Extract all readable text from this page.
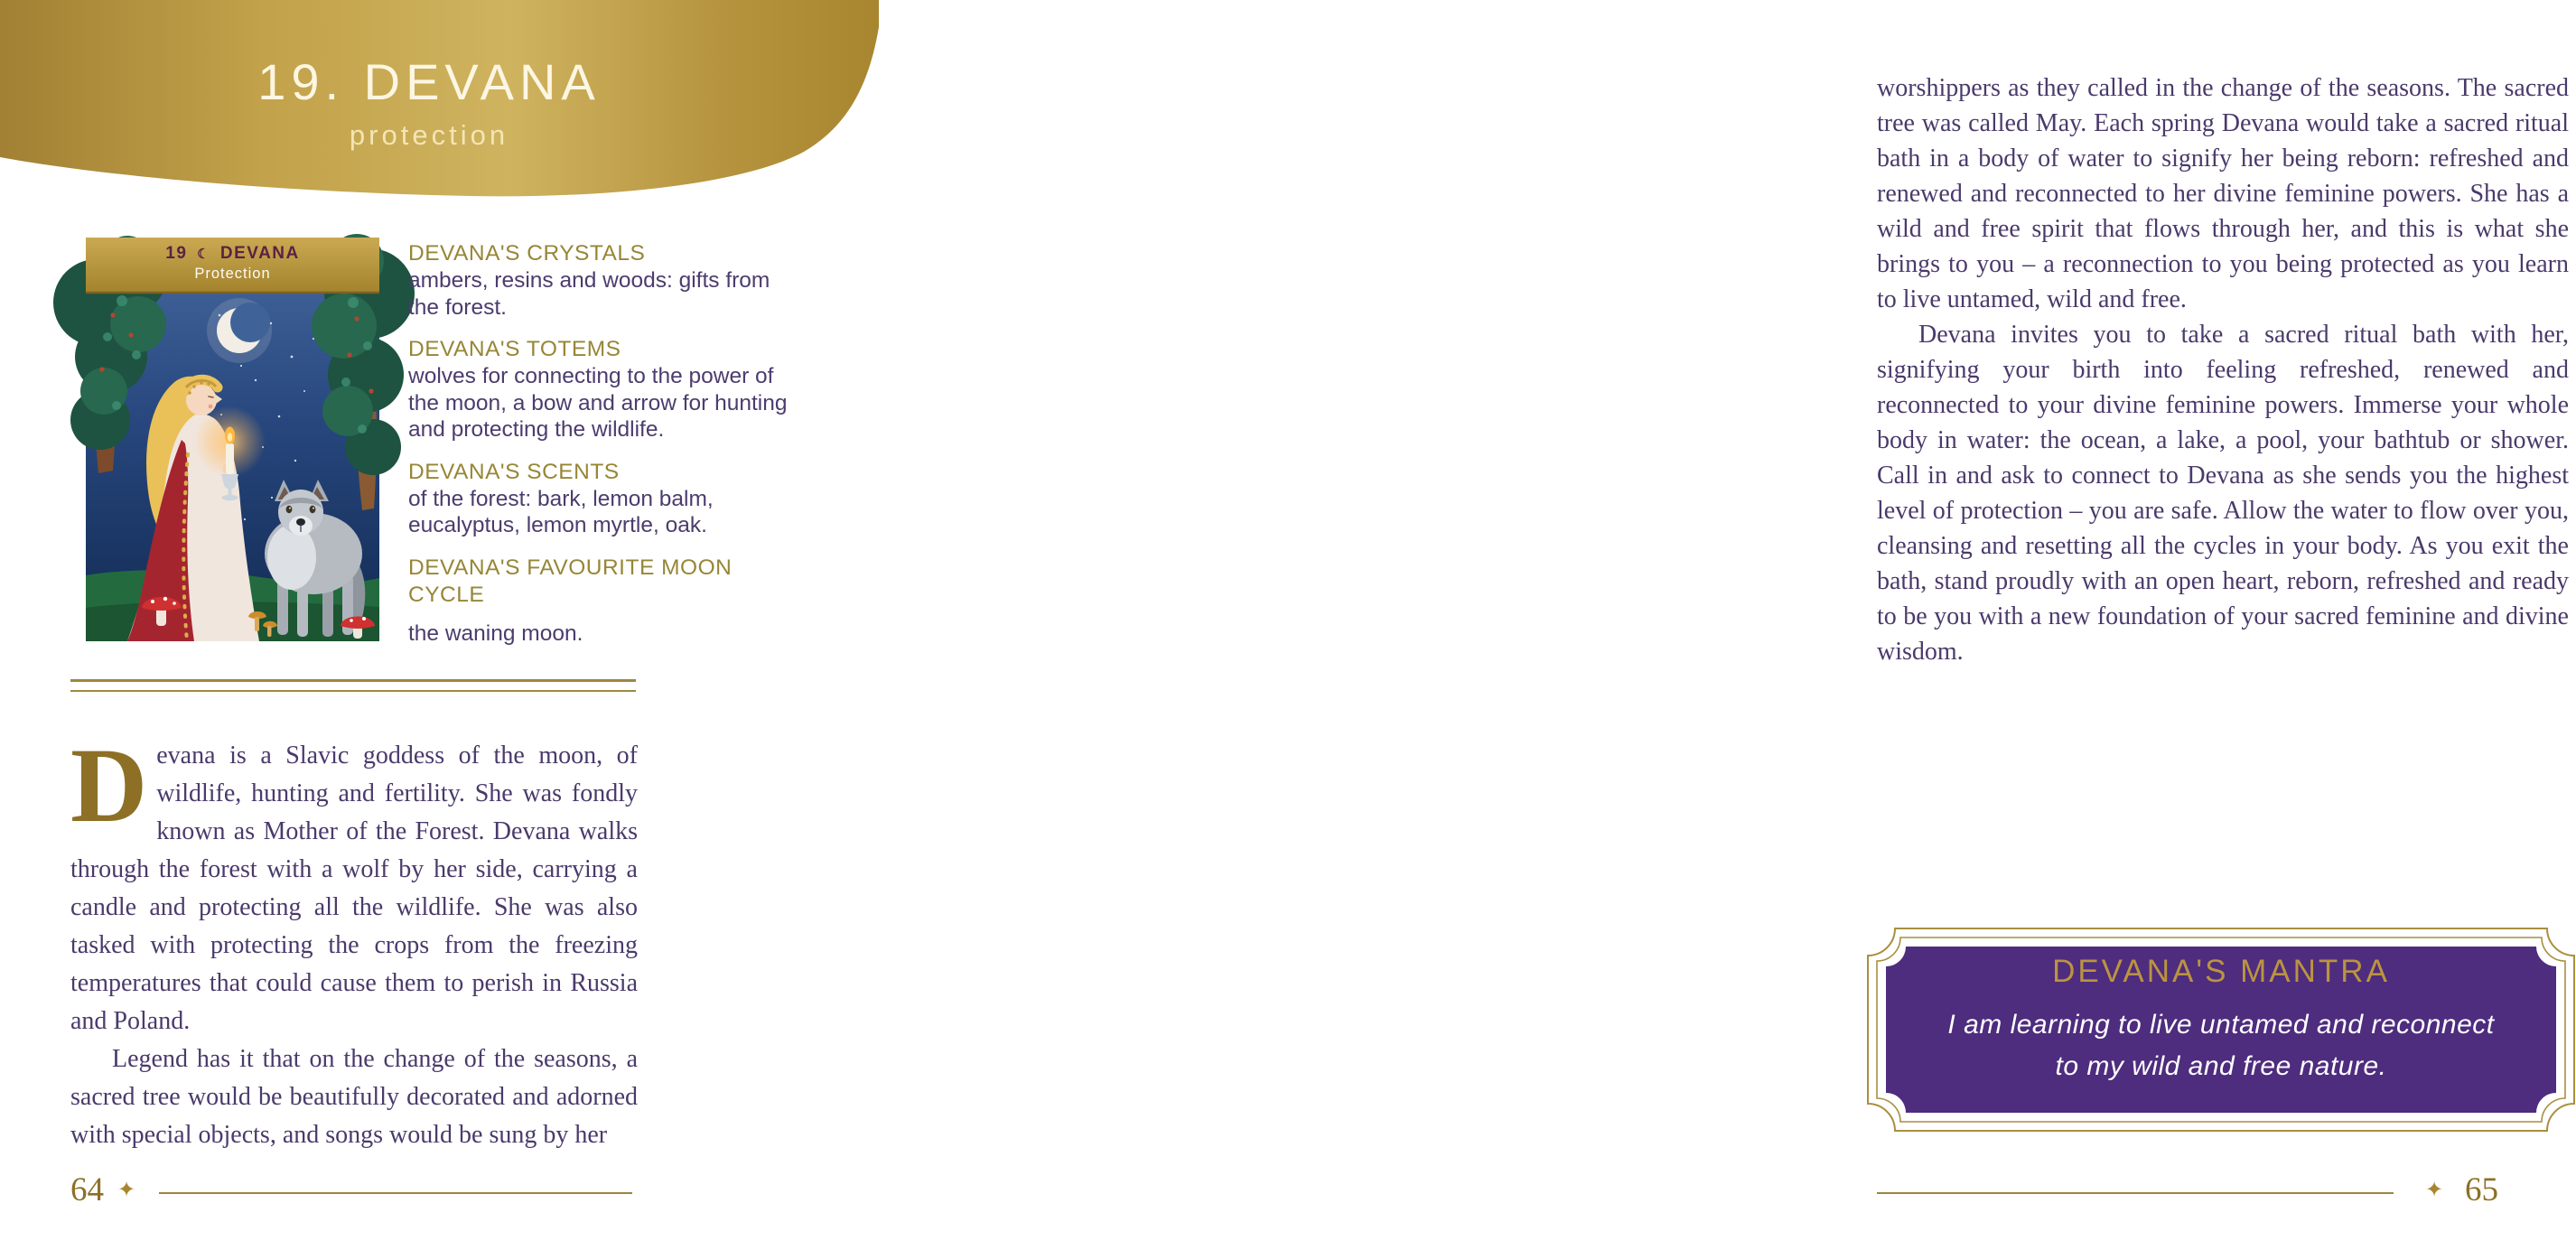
19. DEVANA
protection
19 ☾ DEVANA
Protection
DEVANA'S CRYSTALS
ambers, resins and woods: gifts from the forest.
DEVANA'S TOTEMS
wolves for connecting to the power of the moon, a bow and arrow for hunting and protecting the wildlife.
DEVANA'S SCENTS
of the forest: bark, lemon balm, eucalyptus, lemon myrtle, oak.
DEVANA'S FAVOURITE MOON CYCLE
the waning moon.

Devana is a Slavic goddess of the moon, of wildlife, hunting and fertility. She was fondly known as Mother of the Forest. Devana walks through the forest with a wolf by her side, carrying a candle and protecting all the wildlife. She was also tasked with protecting the crops from the freezing temperatures that could cause them to perish in Russia and Poland.

Legend has it that on the change of the seasons, a sacred tree would be beautifully decorated and adorned with special objects, and songs would be sung by her

64 ✦

worshippers as they called in the change of the seasons. The sacred tree was called May. Each spring Devana would take a sacred ritual bath in a body of water to signify her being reborn: refreshed and renewed and reconnected to her divine feminine powers. She has a wild and free spirit that flows through her, and this is what she brings to you – a reconnection to you being protected as you learn to live untamed, wild and free.

Devana invites you to take a sacred ritual bath with her, signifying your birth into feeling refreshed, renewed and reconnected to your divine feminine powers. Immerse your whole body in water: the ocean, a lake, a pool, your bathtub or shower. Call in and ask to connect to Devana as she sends you the highest level of protection – you are safe. Allow the water to flow over you, cleansing and resetting all the cycles in your body. As you exit the bath, stand proudly with an open heart, reborn, refreshed and ready to be you with a new foundation of your sacred feminine and divine wisdom.

DEVANA'S MANTRA
I am learning to live untamed and reconnect to my wild and free nature.
✦ 65
